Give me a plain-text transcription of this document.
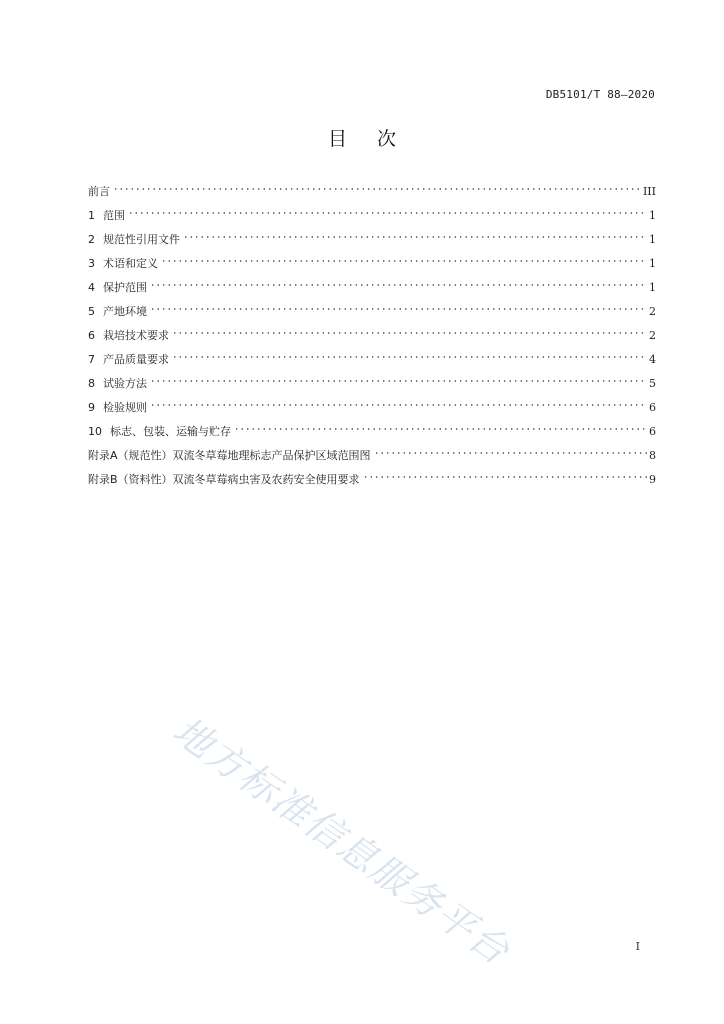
DB5101/T 88—2020
目 次
前言	III
1 范围	1
2 规范性引用文件	1
3 术语和定义	1
4 保护范围	1
5 产地环境	2
6 栽培技术要求	2
7 产品质量要求	4
8 试验方法	5
9 检验规则	6
10 标志、包装、运输与贮存	6
附录A（规范性）双流冬草莓地理标志产品保护区域范围图	8
附录B（资料性）双流冬草莓病虫害及农药安全使用要求	9
地方标准信息服务平台	I
